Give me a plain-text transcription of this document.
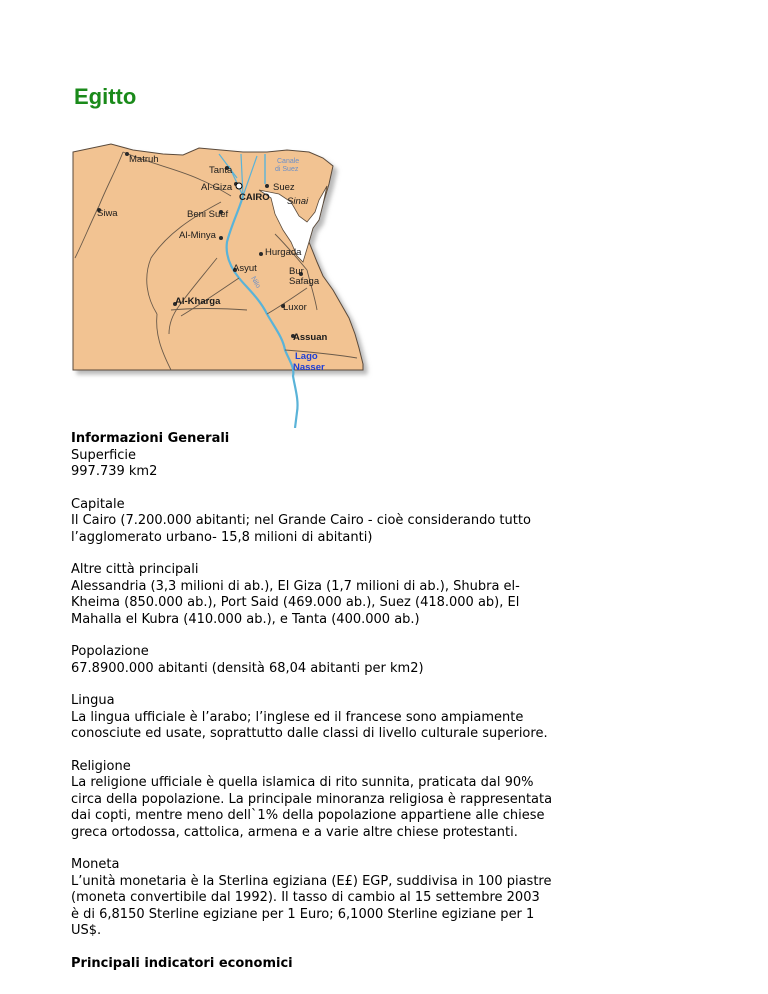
Egitto
Matruh
Tanta
Al-Giza
Siwa	Beni Suef
CAIRO
Canale
di Suez
Suez
Sinai
Al-Minya
Hurgada
Asyut
Nilo
Bur
Safaga
Al-Kharga
Luxor
Assuan
Lago
Nasser

Informazioni Generali
Superficie
997.739 km2

Capitale
Il Cairo (7.200.000 abitanti; nel Grande Cairo - cioè considerando tutto
l’agglomerato urbano- 15,8 milioni di abitanti)

Altre città principali
Alessandria (3,3 milioni di ab.), El Giza (1,7 milioni di ab.), Shubra el-
Kheima (850.000 ab.), Port Said (469.000 ab.), Suez (418.000 ab), El
Mahalla el Kubra (410.000 ab.), e Tanta (400.000 ab.)

Popolazione
67.8900.000 abitanti (densità 68,04 abitanti per km2)

Lingua
La lingua ufficiale è l’arabo; l’inglese ed il francese sono ampiamente
conosciute ed usate, soprattutto dalle classi di livello culturale superiore.

Religione
La religione ufficiale è quella islamica di rito sunnita, praticata dal 90%
circa della popolazione. La principale minoranza religiosa è rappresentata
dai copti, mentre meno dell`1% della popolazione appartiene alle chiese
greca ortodossa, cattolica, armena e a varie altre chiese protestanti.

Moneta
L’unità monetaria è la Sterlina egiziana (E£) EGP, suddivisa in 100 piastre
(moneta convertibile dal 1992). Il tasso di cambio al 15 settembre 2003
è di 6,8150 Sterline egiziane per 1 Euro; 6,1000 Sterline egiziane per 1
US$.

Principali indicatori economici
